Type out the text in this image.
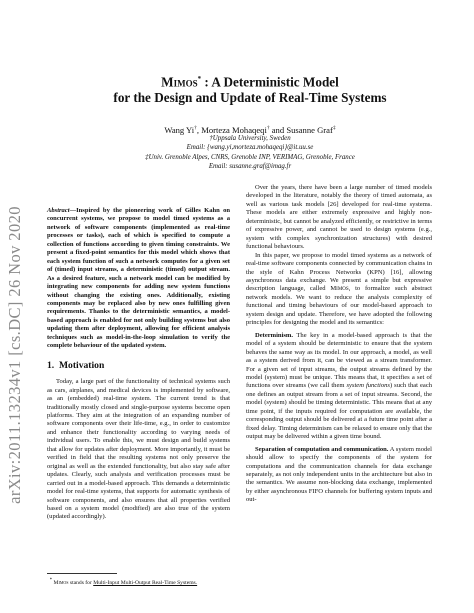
arXiv:2011.13234v1 [cs.DC] 26 Nov 2020
Mimos* : A Deterministic Model
for the Design and Update of Real-Time Systems
Wang Yi†, Morteza Mohaqeqi† and Susanne Graf‡
†Uppsala University, Sweden
Email: {wang.yi,morteza.mohaqeqi}@it.uu.se
‡Univ. Grenoble Alpes, CNRS, Grenoble INP, VERIMAG, Grenoble, France
Email: susanne.graf@imag.fr

Abstract—Inspired by the pioneering work of Gilles Kahn on concurrent systems, we propose to model timed systems as a network of software components (implemented as real-time processes or tasks), each of which is specified to compute a collection of functions according to given timing constraints. We present a fixed-point semantics for this model which shows that each system function of such a network computes for a given set of (timed) input streams, a deterministic (timed) output stream. As a desired feature, such a network model can be modified by integrating new components for adding new system functions without changing the existing ones. Additionally, existing components may be replaced also by new ones fulfilling given requirements. Thanks to the deterministic semantics, a model-based approach is enabled for not only building systems but also updating them after deployment, allowing for efficient analysis techniques such as model-in-the-loop simulation to verify the complete behaviour of the updated system.

1. Motivation

Today, a large part of the functionality of technical systems such as cars, airplanes, and medical devices is implemented by software, as an (embedded) real-time system. The current trend is that traditionally mostly closed and single-purpose systems become open platforms. They aim at the integration of an expanding number of software components over their life-time, e.g., in order to customize and enhance their functionality according to varying needs of individual users. To enable this, we must design and build systems that allow for updates after deployment. More importantly, it must be verified in field that the resulting systems not only preserve the original as well as the extended functionality, but also stay safe after updates. Clearly, such analysis and verification processes must be carried out in a model-based approach. This demands a deterministic model for real-time systems, that supports for automatic synthesis of software components, and also ensures that all properties verified based on a system model (modified) are also true of the system (updated accordingly).

Over the years, there have been a large number of timed models developed in the literature, notably the theory of timed automata, as well as various task models [26] developed for real-time systems. These models are either extremely expressive and highly non-deterministic, but cannot be analyzed efficiently, or restrictive in terms of expressive power, and cannot be used to design systems (e.g., system with complex synchronization structures) with desired functional behaviours.

In this paper, we propose to model timed systems as a network of real-time software components connected by communication chains in the style of Kahn Process Networks (KPN) [16], allowing asynchronous data exchange. We present a simple but expressive description language, called Mimos, to formalize such abstract network models. We want to reduce the analysis complexity of functional and timing behaviours of our model-based approach to system design and update. Therefore, we have adopted the following principles for designing the model and its semantics:

Determinism. The key in a model-based approach is that the model of a system should be deterministic to ensure that the system behaves the same way as its model. In our approach, a model, as well as a system derived from it, can be viewed as a stream transformer. For a given set of input streams, the output streams defined by the model (system) must be unique. This means that, it specifies a set of functions over streams (we call them system functions) such that each one defines an output stream from a set of input streams. Second, the model (system) should be timing deterministic. This means that at any time point, if the inputs required for computation are available, the corresponding output should be delivered at a future time point after a fixed delay. Timing determinism can be relaxed to ensure only that the output may be delivered within a given time bound.

Separation of computation and communication. A system model should allow to specify the components of the system for computations and the communication channels for data exchange separately, as not only independent units in the architecture but also in the semantics. We assume non-blocking data exchange, implemented by either asynchronous FIFO channels for buffering system inputs and out-

* Mimos stands for Multi-Input Multi-Output Real-Time Systems.
